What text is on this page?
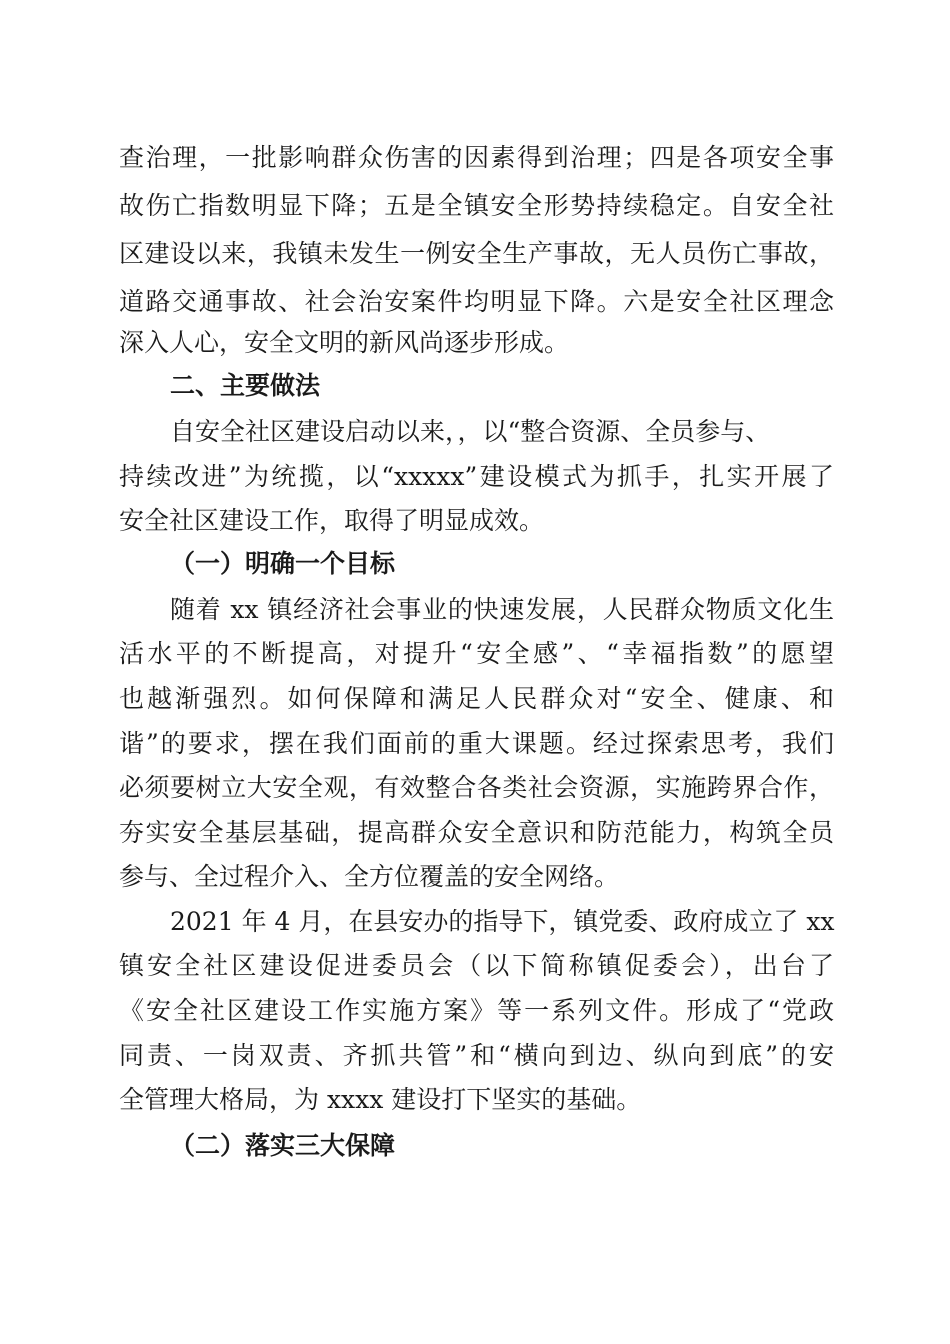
查治理，一批影响群众伤害的因素得到治理；四是各项安全事
故伤亡指数明显下降；五是全镇安全形势持续稳定。自安全社
区建设以来，我镇未发生一例安全生产事故，无人员伤亡事故，
道路交通事故、社会治安案件均明显下降。六是安全社区理念
深入人心，安全文明的新风尚逐步形成。
二、主要做法
自安全社区建设启动以来，，以“整合资源、全员参与、
持续改进”为统揽，以“xxxxx”建设模式为抓手，扎实开展了
安全社区建设工作，取得了明显成效。
（一）明确一个目标
随着 xx 镇经济社会事业的快速发展，人民群众物质文化生
活水平的不断提高，对提升“安全感”、“幸福指数”的愿望
也越渐强烈。如何保障和满足人民群众对“安全、健康、和
谐”的要求，摆在我们面前的重大课题。经过探索思考，我们
必须要树立大安全观，有效整合各类社会资源，实施跨界合作，
夯实安全基层基础，提高群众安全意识和防范能力，构筑全员
参与、全过程介入、全方位覆盖的安全网络。
2021 年 4 月，在县安办的指导下，镇党委、政府成立了 xx
镇安全社区建设促进委员会（以下简称镇促委会），出台了
《安全社区建设工作实施方案》等一系列文件。形成了“党政
同责、一岗双责、齐抓共管”和“横向到边、纵向到底”的安
全管理大格局，为 xxxx 建设打下坚实的基础。
（二）落实三大保障
